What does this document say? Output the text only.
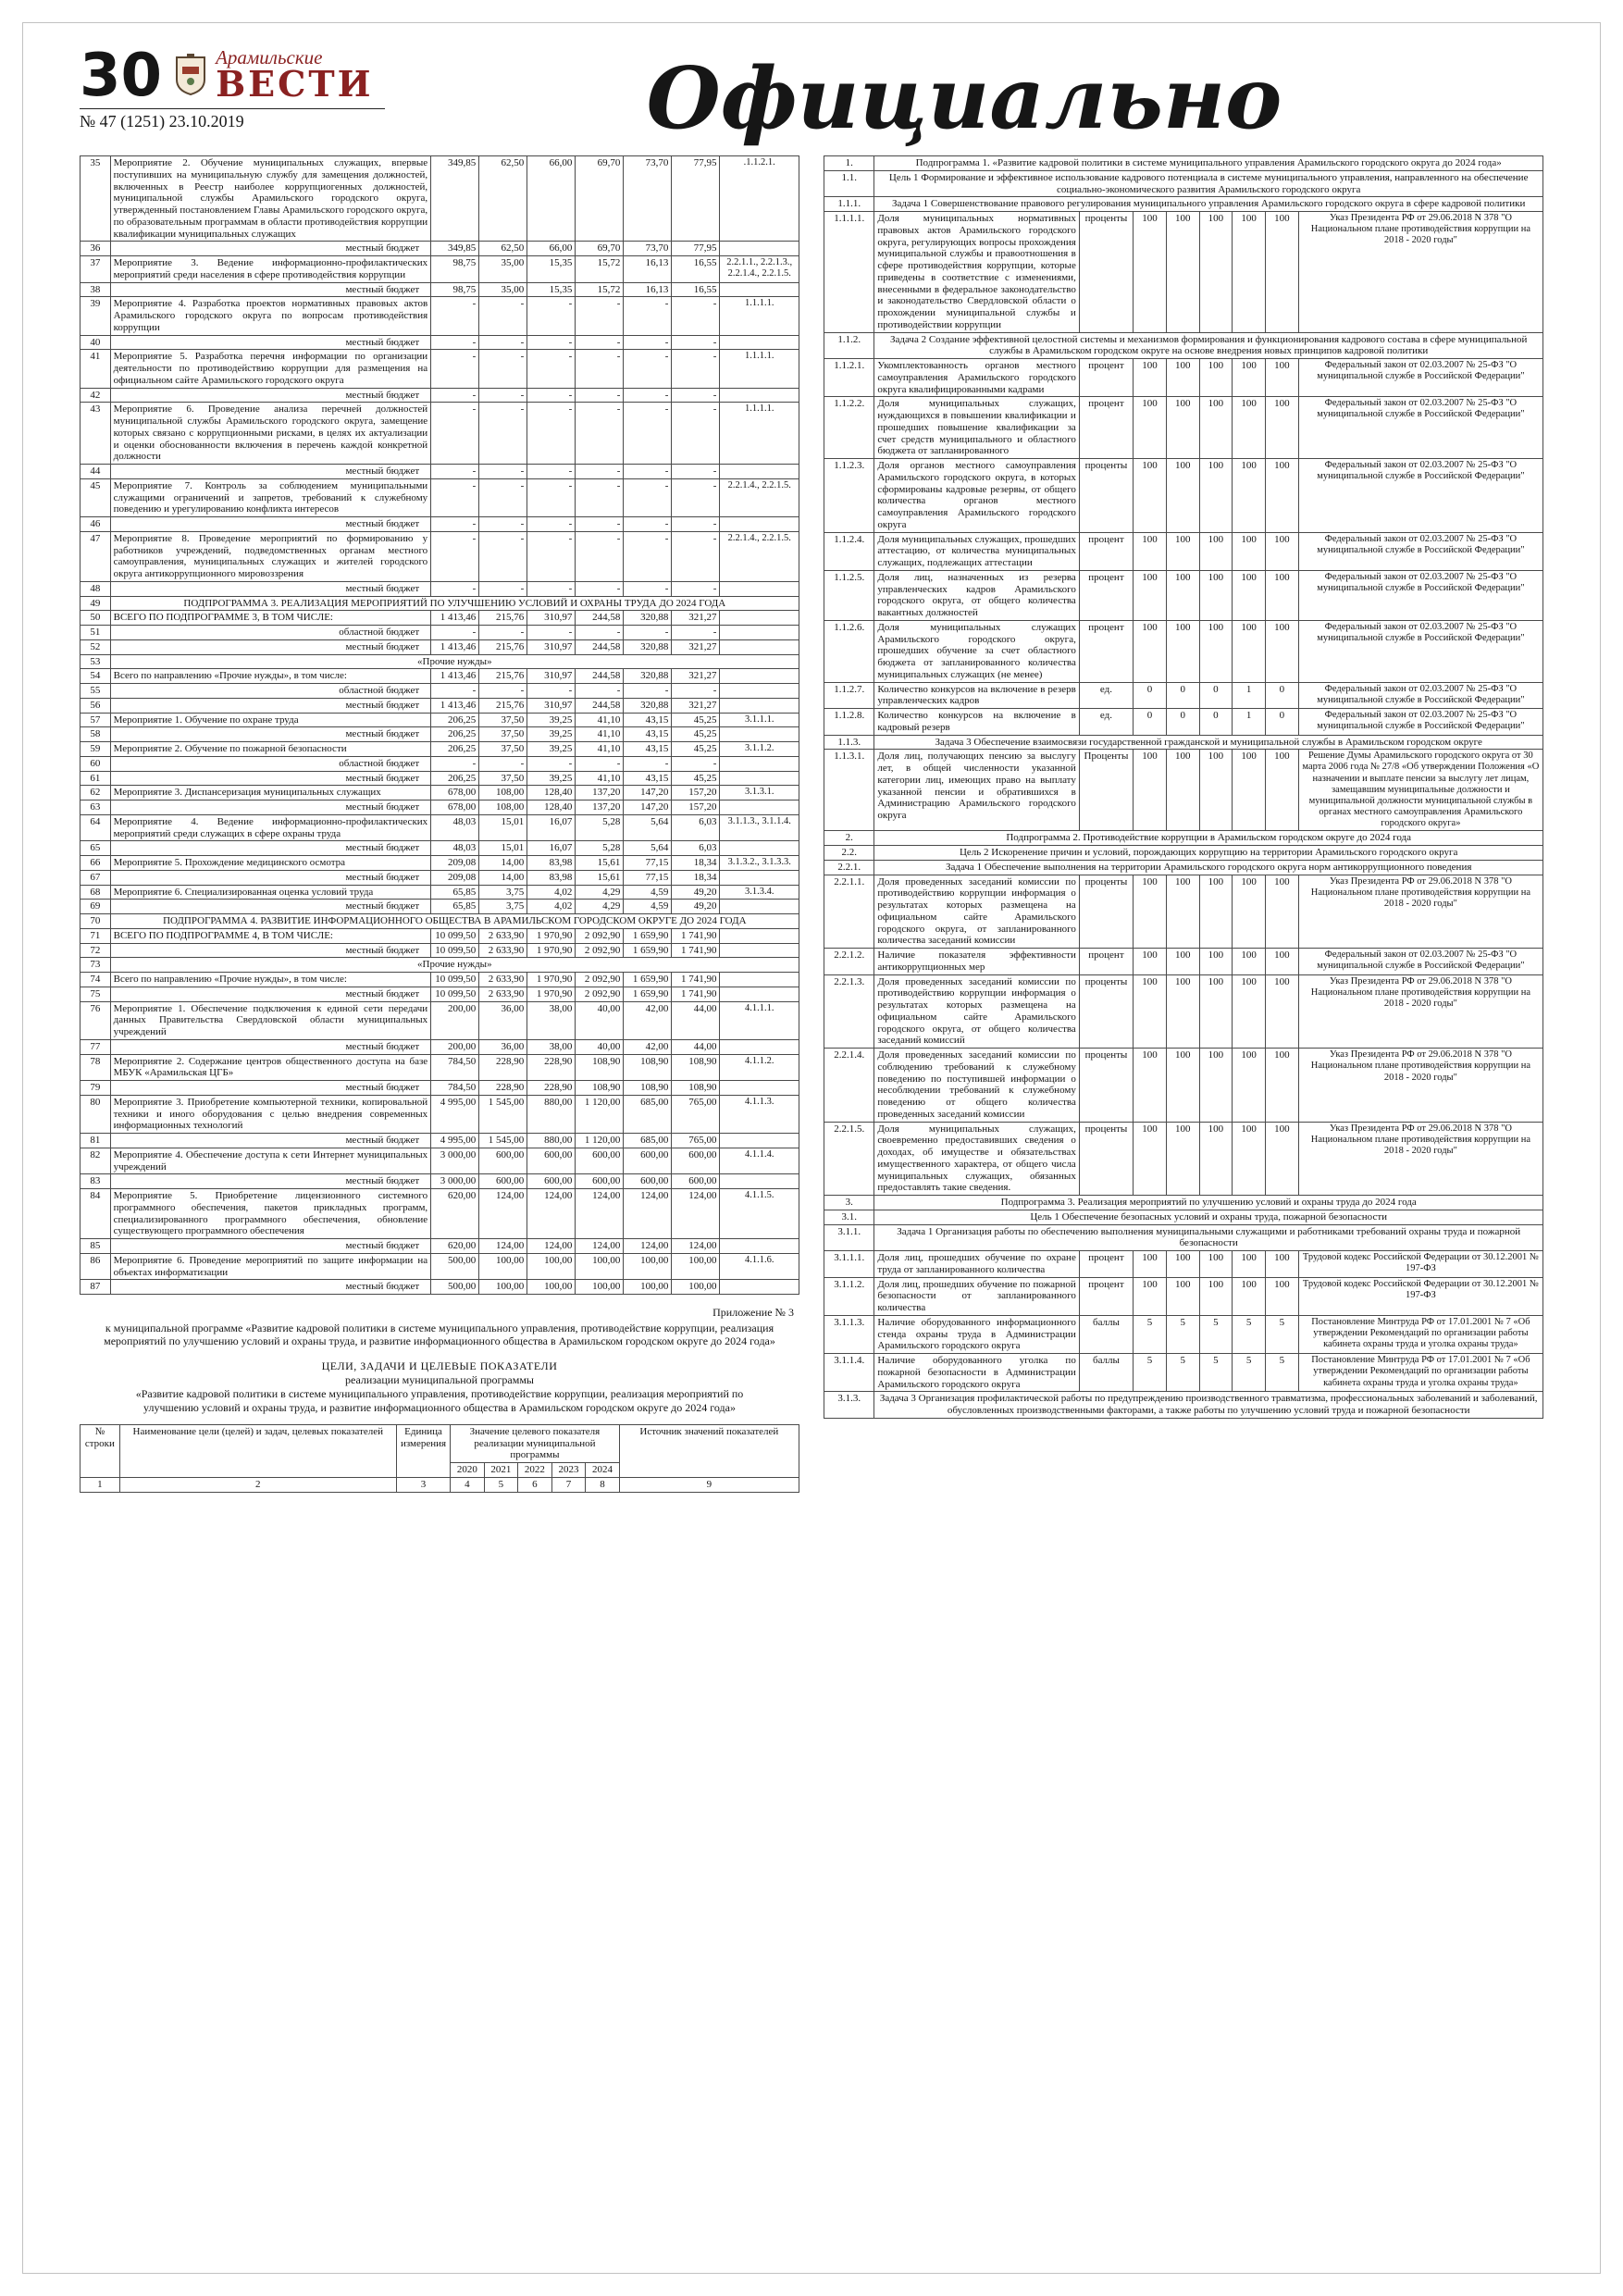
30	Арамильские
ВЕСТИ
№ 47 (1251) 23.10.2019	Официально
35	Мероприятие 2. Обучение муниципальных служащих, впервые поступивших на муниципальную службу для замещения должностей, включенных в Реестр наиболее коррупциогенных должностей, муниципальной службы Арамильского городского округа, утвержденный постановлением Главы Арамильского городского округа, по образовательным программам в области противодействия коррупции квалификации муниципальных служащих	349,85	62,50	66,00	69,70	73,70	77,95	.1.1.2.1.
36	местный бюджет	349,85	62,50	66,00	69,70	73,70	77,95	
37	Мероприятие 3. Ведение информационно-профилактических мероприятий среди населения в сфере противодействия коррупции	98,75	35,00	15,35	15,72	16,13	16,55	2.2.1.1., 2.2.1.3., 2.2.1.4., 2.2.1.5.
38	местный бюджет	98,75	35,00	15,35	15,72	16,13	16,55	
39	Мероприятие 4. Разработка проектов нормативных правовых актов Арамильского городского округа по вопросам противодействия коррупции	-	-	-	-	-	-	1.1.1.1.
40	местный бюджет	-	-	-	-	-	-	
41	Мероприятие 5. Разработка перечня информации по организации деятельности по противодействию коррупции для размещения на официальном сайте Арамильского городского округа	-	-	-	-	-	-	1.1.1.1.
42	местный бюджет	-	-	-	-	-	-	
43	Мероприятие 6. Проведение анализа перечней должностей муниципальной службы Арамильского городского округа, замещение которых связано с коррупционными рисками, в целях их актуализации и оценки обоснованности включения в перечень каждой конкретной должности	-	-	-	-	-	-	1.1.1.1.
44	местный бюджет	-	-	-	-	-	-	
45	Мероприятие 7. Контроль за соблюдением муниципальными служащими ограничений и запретов, требований к служебному поведению и урегулированию конфликта интересов	-	-	-	-	-	-	2.2.1.4., 2.2.1.5.
46	местный бюджет	-	-	-	-	-	-	
47	Мероприятие 8. Проведение мероприятий по формированию у работников учреждений, подведомственных органам местного самоуправления, муниципальных служащих и жителей городского округа антикоррупционного мировоззрения	-	-	-	-	-	-	2.2.1.4., 2.2.1.5.
48	местный бюджет	-	-	-	-	-	-	
49	ПОДПРОГРАММА 3. РЕАЛИЗАЦИЯ МЕРОПРИЯТИЙ ПО УЛУЧШЕНИЮ УСЛОВИЙ И ОХРАНЫ ТРУДА ДО 2024 ГОДА							
50	ВСЕГО ПО ПОДПРОГРАММЕ 3, В ТОМ ЧИСЛЕ:	1 413,46	215,76	310,97	244,58	320,88	321,27	
51	областной бюджет	-	-	-	-	-	-	
52	местный бюджет	1 413,46	215,76	310,97	244,58	320,88	321,27	
53	«Прочие нужды»							
54	Всего по направлению «Прочие нужды», в том числе:	1 413,46	215,76	310,97	244,58	320,88	321,27	
55	областной бюджет	-	-	-	-	-	-	
56	местный бюджет	1 413,46	215,76	310,97	244,58	320,88	321,27	
57	Мероприятие 1. Обучение по охране труда	206,25	37,50	39,25	41,10	43,15	45,25	3.1.1.1.
58	местный бюджет	206,25	37,50	39,25	41,10	43,15	45,25	
59	Мероприятие 2. Обучение по пожарной безопасности	206,25	37,50	39,25	41,10	43,15	45,25	3.1.1.2.
60	областной бюджет	-	-	-	-	-	-	
61	местный бюджет	206,25	37,50	39,25	41,10	43,15	45,25	
62	Мероприятие 3. Диспансеризация муниципальных служащих	678,00	108,00	128,40	137,20	147,20	157,20	3.1.3.1.
63	местный бюджет	678,00	108,00	128,40	137,20	147,20	157,20	
64	Мероприятие 4. Ведение информационно-профилактических мероприятий среди служащих в сфере охраны труда	48,03	15,01	16,07	5,28	5,64	6,03	3.1.1.3., 3.1.1.4.
65	местный бюджет	48,03	15,01	16,07	5,28	5,64	6,03	
66	Мероприятие 5. Прохождение медицинского осмотра	209,08	14,00	83,98	15,61	77,15	18,34	3.1.3.2., 3.1.3.3.
67	местный бюджет	209,08	14,00	83,98	15,61	77,15	18,34	
68	Мероприятие 6. Специализированная оценка условий труда	65,85	3,75	4,02	4,29	4,59	49,20	3.1.3.4.
69	местный бюджет	65,85	3,75	4,02	4,29	4,59	49,20	
70	ПОДПРОГРАММА 4. РАЗВИТИЕ ИНФОРМАЦИОННОГО ОБЩЕСТВА В АРАМИЛЬСКОМ ГОРОДСКОМ ОКРУГЕ ДО 2024 ГОДА							
71	ВСЕГО ПО ПОДПРОГРАММЕ 4, В ТОМ ЧИСЛЕ:	10 099,50	2 633,90	1 970,90	2 092,90	1 659,90	1 741,90	
72	местный бюджет	10 099,50	2 633,90	1 970,90	2 092,90	1 659,90	1 741,90	
73	«Прочие нужды»							
74	Всего по направлению «Прочие нужды», в том числе:	10 099,50	2 633,90	1 970,90	2 092,90	1 659,90	1 741,90	
75	местный бюджет	10 099,50	2 633,90	1 970,90	2 092,90	1 659,90	1 741,90	
76	Мероприятие 1. Обеспечение подключения к единой сети передачи данных Правительства Свердловской области муниципальных учреждений	200,00	36,00	38,00	40,00	42,00	44,00	4.1.1.1.
77	местный бюджет	200,00	36,00	38,00	40,00	42,00	44,00	
78	Мероприятие 2. Содержание центров общественного доступа на базе МБУК «Арамильская ЦГБ»	784,50	228,90	228,90	108,90	108,90	108,90	4.1.1.2.
79	местный бюджет	784,50	228,90	228,90	108,90	108,90	108,90	
80	Мероприятие 3. Приобретение компьютерной техники, копировальной техники и иного оборудования с целью внедрения современных информационных технологий	4 995,00	1 545,00	880,00	1 120,00	685,00	765,00	4.1.1.3.
81	местный бюджет	4 995,00	1 545,00	880,00	1 120,00	685,00	765,00	
82	Мероприятие 4. Обеспечение доступа к сети Интернет муниципальных учреждений	3 000,00	600,00	600,00	600,00	600,00	600,00	4.1.1.4.
83	местный бюджет	3 000,00	600,00	600,00	600,00	600,00	600,00	
84	Мероприятие 5. Приобретение лицензионного системного программного обеспечения, пакетов прикладных программ, специализированного программного обеспечения, обновление существующего программного обеспечения	620,00	124,00	124,00	124,00	124,00	124,00	4.1.1.5.
85	местный бюджет	620,00	124,00	124,00	124,00	124,00	124,00	
86	Мероприятие 6. Проведение мероприятий по защите информации на объектах информатизации	500,00	100,00	100,00	100,00	100,00	100,00	4.1.1.6.
87	местный бюджет	500,00	100,00	100,00	100,00	100,00	100,00	
Приложение № 3
к муниципальной программе «Развитие кадровой политики в системе муниципального управления, противодействие коррупции, реализация мероприятий по улучшению условий и охраны труда, и развитие информационного общества в Арамильском городском округе до 2024 года»
ЦЕЛИ, ЗАДАЧИ И ЦЕЛЕВЫЕ ПОКАЗАТЕЛИ
реализации муниципальной программы
«Развитие кадровой политики в системе муниципального управления, противодействие коррупции, реализация мероприятий по улучшению условий и охраны труда, и развитие информационного общества в Арамильском городском округе до 2024 года»
№ строки	Наименование цели (целей) и задач, целевых показателей	Единица измерения	Значение целевого показателя реализации муниципальной программы					Источник значений показателей
			2020	2021	2022	2023	2024	
1	2	3	4	5	6	7	8	9
1.	Подпрограмма 1. «Развитие кадровой политики в системе муниципального управления Арамильского городского округа до 2024 года»							
1.1.	Цель 1 Формирование и эффективное использование кадрового потенциала в системе муниципального управления, направленного на обеспечение социально-экономического развития Арамильского городского округа							
1.1.1.	Задача 1 Совершенствование правового регулирования муниципального управления Арамильского городского округа в сфере кадровой политики							
1.1.1.1.	Доля муниципальных нормативных правовых актов Арамильского городского округа, регулирующих вопросы прохождения муниципальной службы и правоотношения в сфере противодействия коррупции, которые приведены в соответствие с изменениями, внесенными в федеральное законодательство и законодательство Свердловской области о прохождении муниципальной службы и противодействии коррупции	проценты	100	100	100	100	100	Указ Президента РФ от 29.06.2018 N 378 "О Национальном плане противодействия коррупции на 2018 - 2020 годы"
1.1.2.	Задача 2 Создание эффективной целостной системы и механизмов формирования и функционирования кадрового состава в сфере муниципальной службы в Арамильском городском округе на основе внедрения новых принципов кадровой политики							
1.1.2.1.	Укомплектованность органов местного самоуправления Арамильского городского округа квалифицированными кадрами	процент	100	100	100	100	100	Федеральный закон от 02.03.2007 № 25-ФЗ "О муниципальной службе в Российской Федерации"
1.1.2.2.	Доля муниципальных служащих, нуждающихся в повышении квалификации и прошедших повышение квалификации за счет средств муниципального и областного бюджета от запланированного	процент	100	100	100	100	100	Федеральный закон от 02.03.2007 № 25-ФЗ "О муниципальной службе в Российской Федерации"
1.1.2.3.	Доля органов местного самоуправления Арамильского городского округа, в которых сформированы кадровые резервы, от общего количества органов местного самоуправления Арамильского городского округа	проценты	100	100	100	100	100	Федеральный закон от 02.03.2007 № 25-ФЗ "О муниципальной службе в Российской Федерации"
1.1.2.4.	Доля муниципальных служащих, прошедших аттестацию, от количества муниципальных служащих, подлежащих аттестации	процент	100	100	100	100	100	Федеральный закон от 02.03.2007 № 25-ФЗ "О муниципальной службе в Российской Федерации"
1.1.2.5.	Доля лиц, назначенных из резерва управленческих кадров Арамильского городского округа, от общего количества вакантных должностей	процент	100	100	100	100	100	Федеральный закон от 02.03.2007 № 25-ФЗ "О муниципальной службе в Российской Федерации"
1.1.2.6.	Доля муниципальных служащих Арамильского городского округа, прошедших обучение за счет областного бюджета от запланированного количества муниципальных служащих (не менее)	процент	100	100	100	100	100	Федеральный закон от 02.03.2007 № 25-ФЗ "О муниципальной службе в Российской Федерации"
1.1.2.7.	Количество конкурсов на включение в резерв управленческих кадров	ед.	0	0	0	1	0	Федеральный закон от 02.03.2007 № 25-ФЗ "О муниципальной службе в Российской Федерации"
1.1.2.8.	Количество конкурсов на включение в кадровый резерв	ед.	0	0	0	1	0	Федеральный закон от 02.03.2007 № 25-ФЗ "О муниципальной службе в Российской Федерации"
1.1.3.	Задача 3 Обеспечение взаимосвязи государственной гражданской и муниципальной службы в Арамильском городском округе							
1.1.3.1.	Доля лиц, получающих пенсию за выслугу лет, в общей численности указанной категории лиц, имеющих право на выплату указанной пенсии и обратившихся в Администрацию Арамильского городского округа	Проценты	100	100	100	100	100	Решение Думы Арамильского городского округа от 30 марта 2006 года № 27/8 «Об утверждении Положения «О назначении и выплате пенсии за выслугу лет лицам, замещавшим муниципальные должности и муниципальной должности муниципальной службы в органах местного самоуправления Арамильского городского округа»
2.	Подпрограмма 2. Противодействие коррупции в Арамильском городском округе до 2024 года							
2.2.	Цель 2 Искоренение причин и условий, порождающих коррупцию на территории Арамильского городского округа							
2.2.1.	Задача 1 Обеспечение выполнения на территории Арамильского городского округа норм антикоррупционного поведения							
2.2.1.1.	Доля проведенных заседаний комиссии по противодействию коррупции информация о результатах которых размещена на официальном сайте Арамильского городского округа, от запланированного количества заседаний комиссии	проценты	100	100	100	100	100	Указ Президента РФ от 29.06.2018 N 378 "О Национальном плане противодействия коррупции на 2018 - 2020 годы"
2.2.1.2.	Наличие показателя эффективности антикоррупционных мер	процент	100	100	100	100	100	Федеральный закон от 02.03.2007 № 25-ФЗ "О муниципальной службе в Российской Федерации"
2.2.1.3.	Доля проведенных заседаний комиссии по противодействию коррупции информация о результатах которых размещена на официальном сайте Арамильского городского округа, от общего количества заседаний комиссий	проценты	100	100	100	100	100	Указ Президента РФ от 29.06.2018 N 378 "О Национальном плане противодействия коррупции на 2018 - 2020 годы"
2.2.1.4.	Доля проведенных заседаний комиссии по соблюдению требований к служебному поведению по поступившей информации о несоблюдении требований к служебному поведению от общего количества проведенных заседаний комиссии	проценты	100	100	100	100	100	Указ Президента РФ от 29.06.2018 N 378 "О Национальном плане противодействия коррупции на 2018 - 2020 годы"
2.2.1.5.	Доля муниципальных служащих, своевременно предоставивших сведения о доходах, об имуществе и обязательствах имущественного характера, от общего числа муниципальных служащих, обязанных предоставлять такие сведения.	проценты	100	100	100	100	100	Указ Президента РФ от 29.06.2018 N 378 "О Национальном плане противодействия коррупции на 2018 - 2020 годы"
3.	Подпрограмма 3. Реализация мероприятий по улучшению условий и охраны труда до 2024 года							
3.1.	Цель 1 Обеспечение безопасных условий и охраны труда, пожарной безопасности							
3.1.1.	Задача 1 Организация работы по обеспечению выполнения муниципальными служащими и работниками требований охраны труда и пожарной безопасности							
3.1.1.1.	Доля лиц, прошедших обучение по охране труда от запланированного количества	процент	100	100	100	100	100	Трудовой кодекс Российской Федерации от 30.12.2001 № 197-ФЗ
3.1.1.2.	Доля лиц, прошедших обучение по пожарной безопасности от запланированного количества	процент	100	100	100	100	100	Трудовой кодекс Российской Федерации от 30.12.2001 № 197-ФЗ
3.1.1.3.	Наличие оборудованного информационного стенда охраны труда в Администрации Арамильского городского округа	баллы	5	5	5	5	5	Постановление Минтруда РФ от 17.01.2001 № 7 «Об утверждении Рекомендаций по организации работы кабинета охраны труда и уголка охраны труда»
3.1.1.4.	Наличие оборудованного уголка по пожарной безопасности в Администрации Арамильского городского округа	баллы	5	5	5	5	5	Постановление Минтруда РФ от 17.01.2001 № 7 «Об утверждении Рекомендаций по организации работы кабинета охраны труда и уголка охраны труда»
3.1.3.	Задача 3 Организация профилактической работы по предупреждению производственного травматизма, профессиональных заболеваний и заболеваний, обусловленных производственными факторами, а также работы по улучшению условий труда и пожарной безопасности							
